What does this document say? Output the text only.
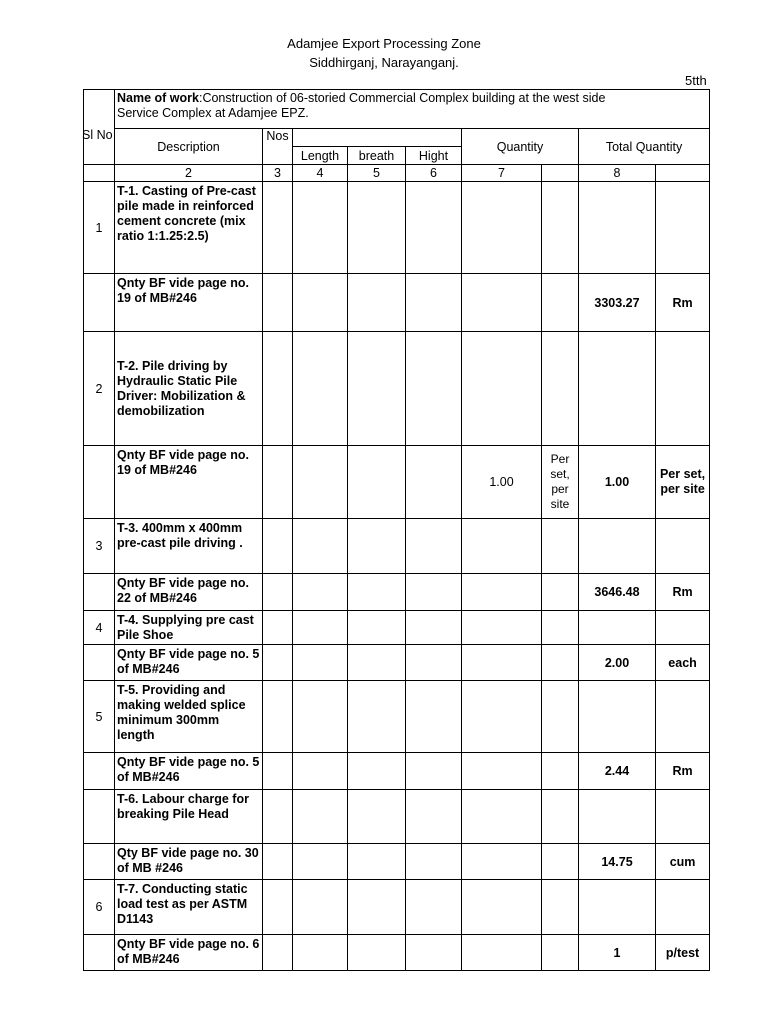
Adamjee Export Processing Zone
Siddhirganj, Narayanganj.
5tth

	Name of work:Construction of 06-storied Commercial Complex building at the west side
Service Complex at Adamjee EPZ.								

	Description	Nos				Quantity		Total Quantity	
			Length	breath	Hight				
	2	3	4	5	6	7		8	
1	T-1. Casting of Pre-cast pile made in reinforced cement concrete (mix ratio 1:1.25:2.5)								
	Qnty BF vide page no. 19 of MB#246							3303.27	Rm
2	T-2. Pile driving by Hydraulic Static Pile Driver: Mobilization & demobilization								
	Qnty BF vide page no. 19 of MB#246					1.00	Per set, per site	1.00	Per set, per site
3	T-3. 400mm x 400mm pre-cast pile driving .								
	Qnty BF vide page no. 22 of MB#246							3646.48	Rm
4	T-4. Supplying pre cast Pile Shoe								
	Qnty BF vide page no. 5 of MB#246							2.00	each
5	T-5. Providing and making welded splice minimum 300mm length								
	Qnty BF vide page no. 5 of MB#246							2.44	Rm
	T-6. Labour charge for breaking Pile Head								
	Qty BF vide page no. 30 of MB #246							14.75	cum
6	T-7. Conducting static load test as per ASTM D1143								
	Qnty BF vide page no. 6 of MB#246							1	p/test
Sl No
